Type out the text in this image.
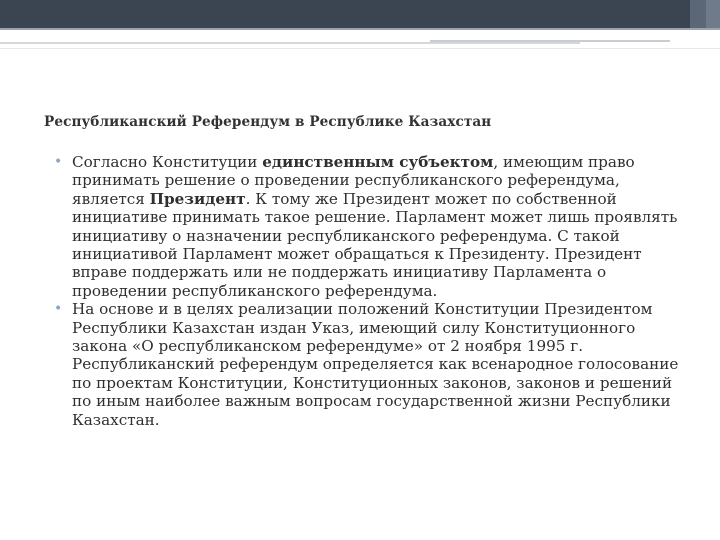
Республиканский Референдум в Республике Казахстан
• Согласно Конституции единственным субъектом, имеющим право принимать решение о проведении республиканского референдума, является Президент. К тому же Президент может по собственной инициативе принимать такое решение. Парламент может лишь проявлять инициативу о назначении республиканского референдума. С такой инициативой Парламент может обращаться к Президенту. Президент вправе поддержать или не поддержать инициативу Парламента о проведении республиканского референдума.
• На основе и в целях реализации положений Конституции Президентом Республики Казахстан издан Указ, имеющий силу Конституционного закона «О республиканском референдуме» от 2 ноября 1995 г. Республиканский референдум определяется как всенародное голосование по проектам Конституции, Конституционных законов, законов и решений по иным наиболее важным вопросам государственной жизни Республики Казахстан.
